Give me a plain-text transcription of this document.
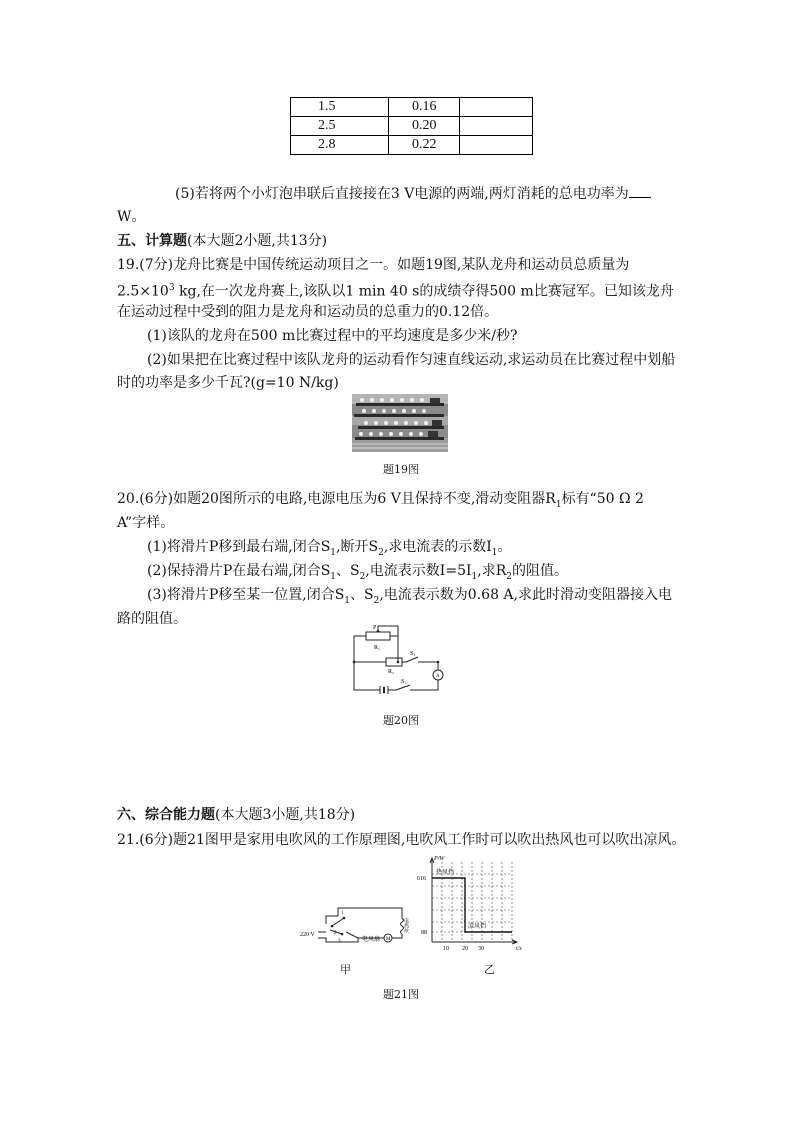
1.5	0.16	
2.5	0.20	
2.8	0.22	
(5)若将两个小灯泡串联后直接接在3 V电源的两端,两灯消耗的总电功率为
W。
五、计算题(本大题2小题,共13分)
19.(7分)龙舟比赛是中国传统运动项目之一。如题19图,某队龙舟和运动员总质量为
$2.5\times 10^3$ kg,在一次龙舟赛上,该队以1 min 40 s的成绩夺得500 m比赛冠军。已知该龙舟
在运动过程中受到的阻力是龙舟和运动员的总重力的0.12倍。
(1)该队的龙舟在500 m比赛过程中的平均速度是多少米/秒?
(2)如果把在比赛过程中该队龙舟的运动看作匀速直线运动,求运动员在比赛过程中划船
时的功率是多少千瓦?(g=10 N/kg)
题19图
20.(6分)如题20图所示的电路,电源电压为6 V且保持不变,滑动变阻器$R_1$标有“50 Ω 2
A”字样。
(1)将滑片P移到最右端,闭合$S_1$,断开$S_2$,求电流表的示数$I_1$。
(2)保持滑片P在最右端,闭合$S_1$、$S_2$,电流表示数$I=5I_1$,求$R_2$的阻值。
(3)将滑片P移至某一位置,闭合$S_1$、$S_2$,电流表示数为0.68 A,求此时滑动变阻器接入电
路的阻值。
P
R₁
R₂
S₂
S₁
A
题20图
六、综合能力题(本大题3小题,共18分)
21.(6分)题21图甲是家用电吹风的工作原理图,电吹风工作时可以吹出热风也可以吹出凉风。
220 V
电风扇 M
电热丝
1
2
3
甲
P/W
t/s
616
88
10 20 30
热风挡
凉风挡
乙
题21图
